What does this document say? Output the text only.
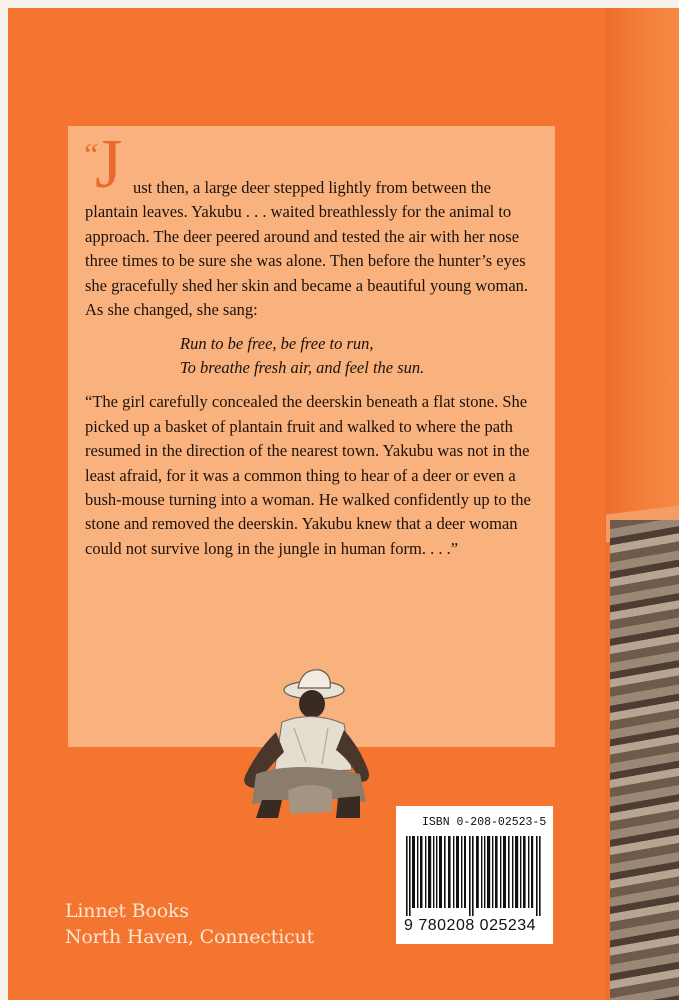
“
J ust then, a large deer stepped lightly from between the plantain leaves. Yakubu . . . waited breathlessly for the animal to approach. The deer peered around and tested the air with her nose three times to be sure she was alone. Then before the hunter’s eyes she gracefully shed her skin and became a beautiful young woman. As she changed, she sang:

Run to be free, be free to run,
To breathe fresh air, and feel the sun.

“The girl carefully concealed the deerskin beneath a flat stone. She picked up a basket of plantain fruit and walked to where the path resumed in the direction of the nearest town. Yakubu was not in the least afraid, for it was a common thing to hear of a deer or even a bush-mouse turning into a woman. He walked confidently up to the stone and removed the deerskin. Yakubu knew that a deer woman could not survive long in the jungle in human form. . . .”

Linnet Books
North Haven, Connecticut
ISBN 0-208-02523-5
9 780208 025234
